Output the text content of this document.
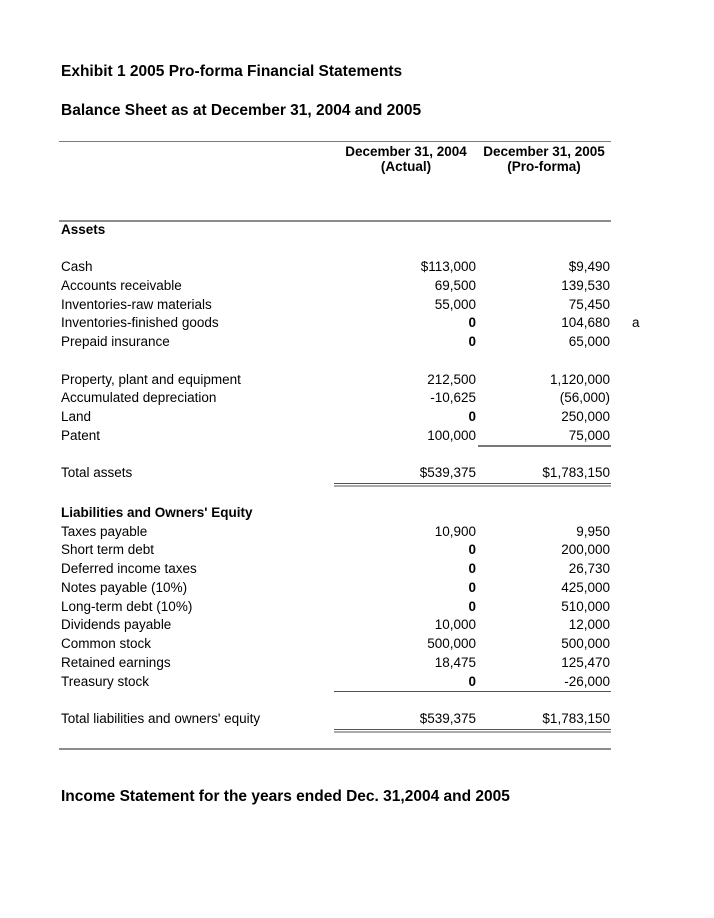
Exhibit 1 2005 Pro-forma Financial Statements
Balance Sheet as at December 31, 2004 and 2005
December 31, 2004
(Actual)
December 31, 2005
(Pro-forma)
Assets
Cash	$113,000	$9,490
Accounts receivable	69,500	139,530
Inventories-raw materials	55,000	75,450
Inventories-finished goods	0	104,680 a
Prepaid insurance	0	65,000
Property, plant and equipment	212,500	1,120,000
Accumulated depreciation	-10,625	(56,000)
Land	0	250,000
Patent	100,000	75,000
Total assets	$539,375	$1,783,150
Liabilities and Owners' Equity
Taxes payable	10,900	9,950
Short term debt	0	200,000
Deferred income taxes	0	26,730
Notes payable (10%)	0	425,000
Long-term debt (10%)	0	510,000
Dividends payable	10,000	12,000
Common stock	500,000	500,000
Retained earnings	18,475	125,470
Treasury stock	0	-26,000
Total liabilities and owners' equity	$539,375	$1,783,150
Income Statement for the years ended Dec. 31,2004 and 2005
